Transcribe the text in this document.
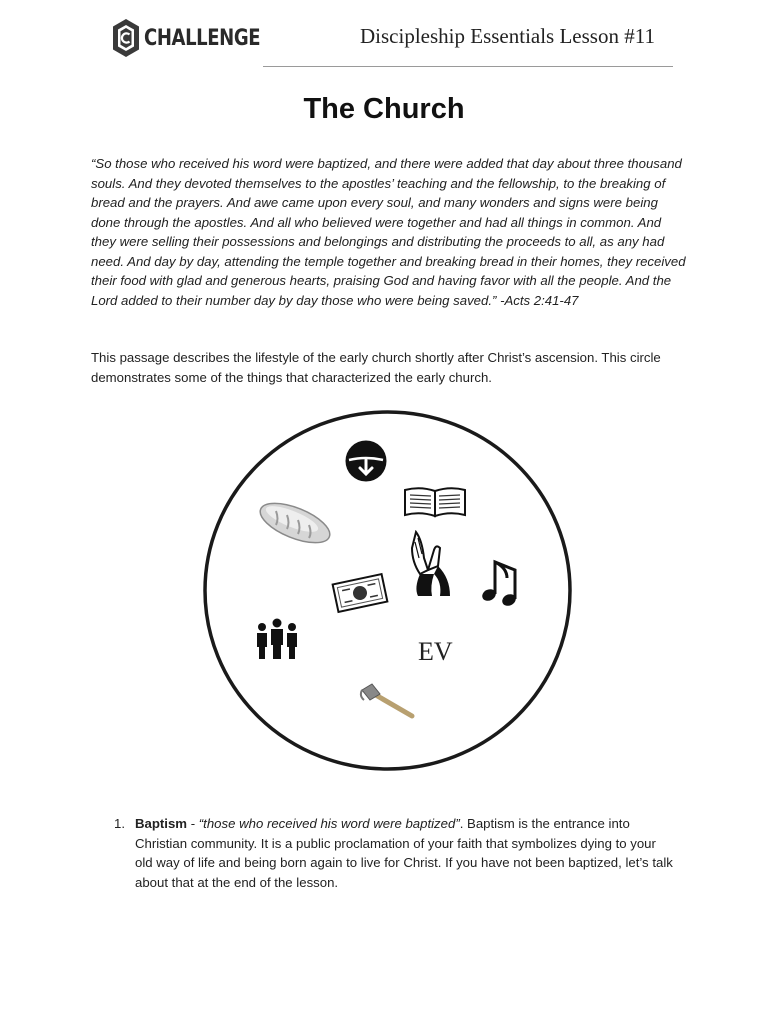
CHALLENGE	Discipleship Essentials Lesson #11
The Church
“So those who received his word were baptized, and there were added that day about three thousand souls. And they devoted themselves to the apostles’ teaching and the fellowship, to the breaking of bread and the prayers. And awe came upon every soul, and many wonders and signs were being done through the apostles. And all who believed were together and had all things in common. And they were selling their possessions and belongings and distributing the proceeds to all, as any had need. And day by day, attending the temple together and breaking bread in their homes, they received their food with glad and generous hearts, praising God and having favor with all the people. And the Lord added to their number day by day those who were being saved.” -Acts 2:41-47
This passage describes the lifestyle of the early church shortly after Christ’s ascension. This circle demonstrates some of the things that characterized the early church.
EV
1. Baptism - “those who received his word were baptized”. Baptism is the entrance into Christian community. It is a public proclamation of your faith that symbolizes dying to your old way of life and being born again to live for Christ. If you have not been baptized, let’s talk about that at the end of the lesson.
